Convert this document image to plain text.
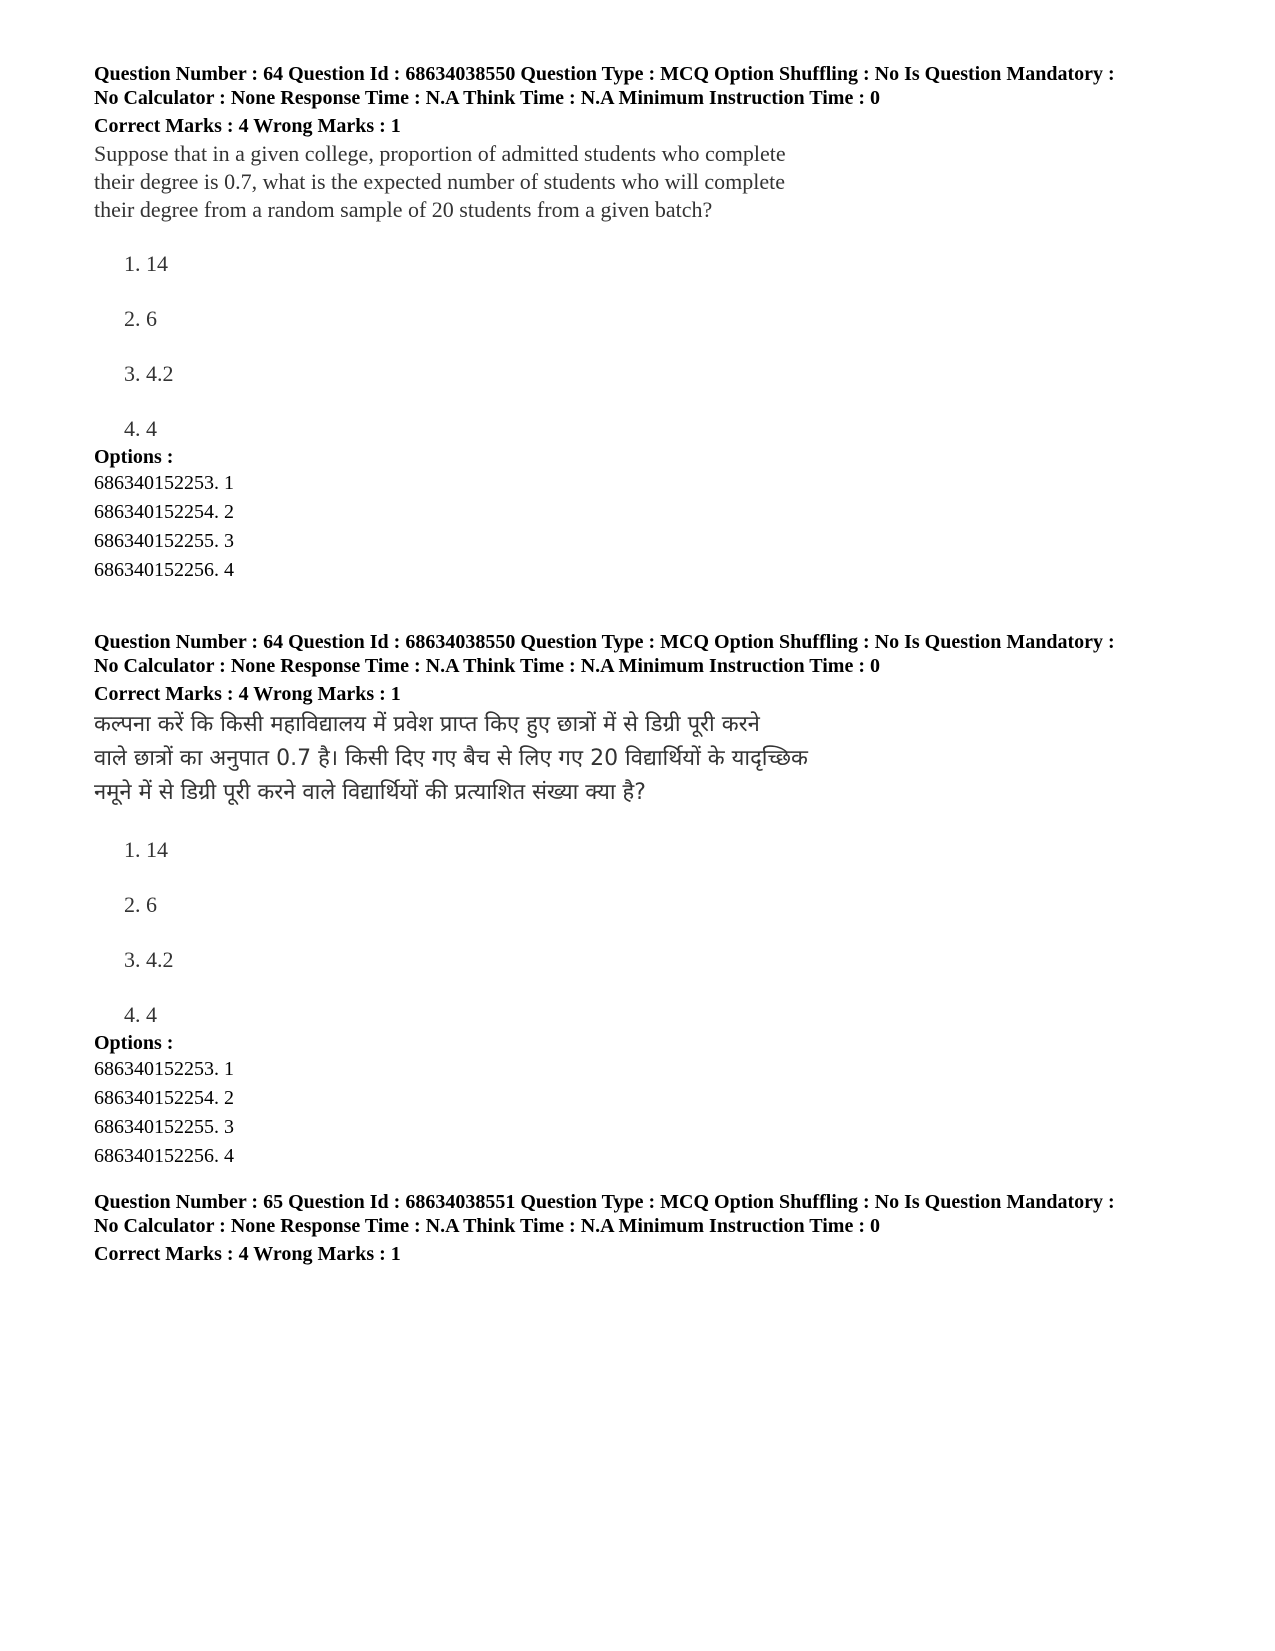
Question Number : 64 Question Id : 68634038550 Question Type : MCQ Option Shuffling : No Is Question Mandatory :

No Calculator : None Response Time : N.A Think Time : N.A Minimum Instruction Time : 0

Correct Marks : 4 Wrong Marks : 1

Suppose that in a given college, proportion of admitted students who complete
their degree is 0.7, what is the expected number of students who will complete
their degree from a random sample of 20 students from a given batch?
1. 14
2. 6
3. 4.2
4. 4

Options :

686340152253. 1
686340152254. 2
686340152255. 3
686340152256. 4

Question Number : 64 Question Id : 68634038550 Question Type : MCQ Option Shuffling : No Is Question Mandatory :

No Calculator : None Response Time : N.A Think Time : N.A Minimum Instruction Time : 0

Correct Marks : 4 Wrong Marks : 1

कल्पना करें कि किसी महाविद्यालय में प्रवेश प्राप्त किए हुए छात्रों में से डिग्री पूरी करने
वाले छात्रों का अनुपात 0.7 है। किसी दिए गए बैच से लिए गए 20 विद्यार्थियों के यादृच्छिक
नमूने में से डिग्री पूरी करने वाले विद्यार्थियों की प्रत्याशित संख्या क्या है?
1. 14
2. 6
3. 4.2
4. 4

Options :

686340152253. 1
686340152254. 2
686340152255. 3
686340152256. 4

Question Number : 65 Question Id : 68634038551 Question Type : MCQ Option Shuffling : No Is Question Mandatory :

No Calculator : None Response Time : N.A Think Time : N.A Minimum Instruction Time : 0

Correct Marks : 4 Wrong Marks : 1
